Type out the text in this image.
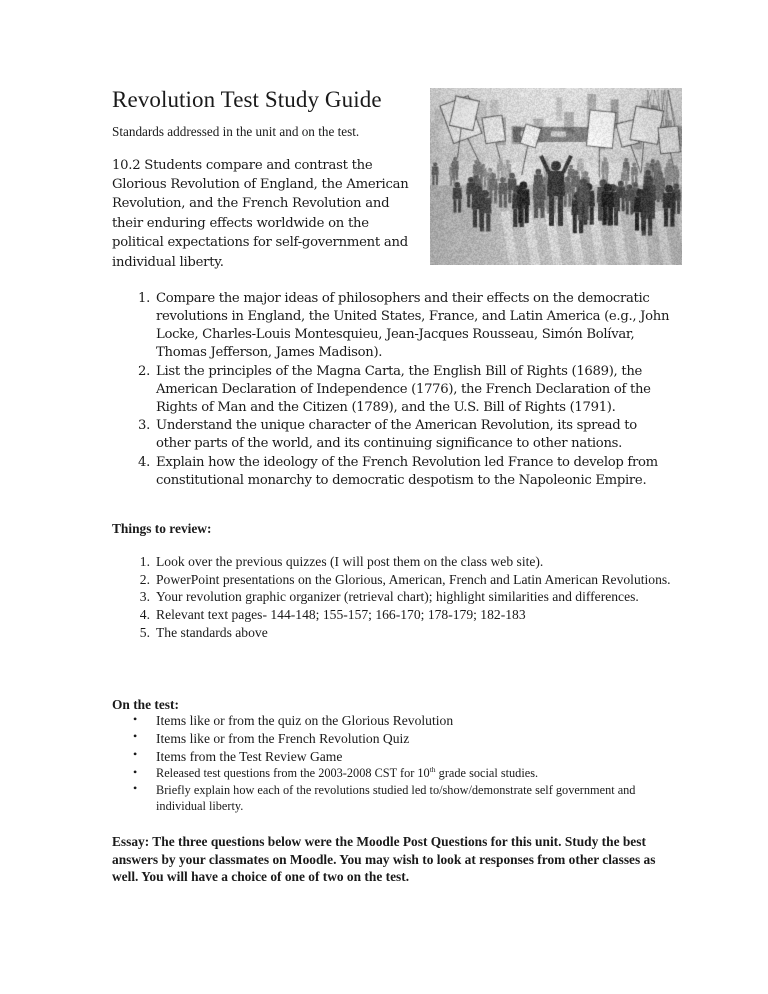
Revolution Test Study Guide

Standards addressed in the unit and on the test.

10.2 Students compare and contrast the Glorious Revolution of England, the American Revolution, and the French Revolution and their enduring effects worldwide on the political expectations for self-government and individual liberty.

1. Compare the major ideas of philosophers and their effects on the democratic revolutions in England, the United States, France, and Latin America (e.g., John Locke, Charles-Louis Montesquieu, Jean-Jacques Rousseau, Simón Bolívar, Thomas Jefferson, James Madison).
2. List the principles of the Magna Carta, the English Bill of Rights (1689), the American Declaration of Independence (1776), the French Declaration of the Rights of Man and the Citizen (1789), and the U.S. Bill of Rights (1791).
3. Understand the unique character of the American Revolution, its spread to other parts of the world, and its continuing significance to other nations.
4. Explain how the ideology of the French Revolution led France to develop from constitutional monarchy to democratic despotism to the Napoleonic Empire.
Things to review:
1. Look over the previous quizzes (I will post them on the class web site).
2. PowerPoint presentations on the Glorious, American, French and Latin American Revolutions.
3. Your revolution graphic organizer (retrieval chart); highlight similarities and differences.
4. Relevant text pages- 144-148; 155-157; 166-170; 178-179; 182-183
5. The standards above
On the test:
• Items like or from the quiz on the Glorious Revolution
• Items like or from the French Revolution Quiz
• Items from the Test Review Game
• Released test questions from the 2003-2008 CST for 10th grade social studies.
• Briefly explain how each of the revolutions studied led to/show/demonstrate self government and individual liberty.

Essay: The three questions below were the Moodle Post Questions for this unit. Study the best answers by your classmates on Moodle. You may wish to look at responses from other classes as well. You will have a choice of one of two on the test.
